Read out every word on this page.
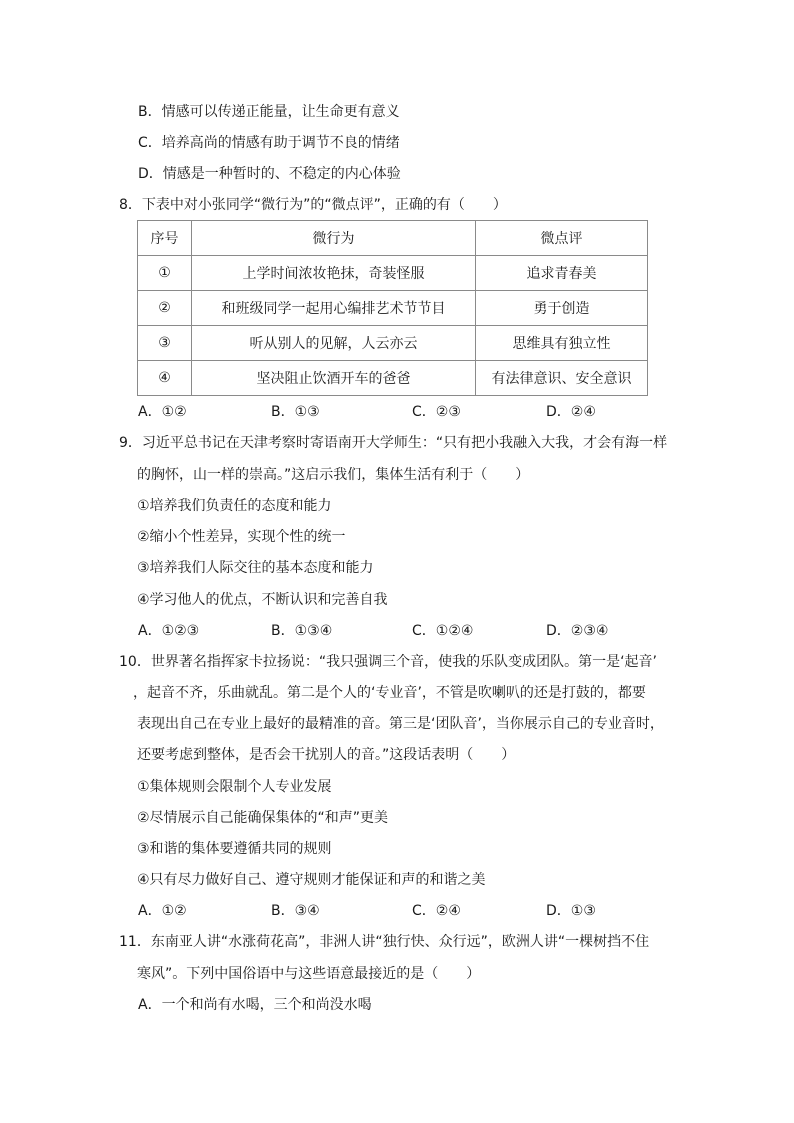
B．情感可以传递正能量，让生命更有意义
C．培养高尚的情感有助于调节不良的情绪
D．情感是一种暂时的、不稳定的内心体验
8．下表中对小张同学“微行为”的“微点评”，正确的有（　　）
序号	微行为	微点评
①	上学时间浓妆艳抹，奇装怪服	追求青春美
②	和班级同学一起用心编排艺术节节目	勇于创造
③	听从别人的见解，人云亦云	思维具有独立性
④	坚决阻止饮酒开车的爸爸	有法律意识、安全意识
A．①②	B．①③	C．②③	D．②④
9．习近平总书记在天津考察时寄语南开大学师生：“只有把小我融入大我，才会有海一样
的胸怀，山一样的崇高。”这启示我们，集体生活有利于（　　）
①培养我们负责任的态度和能力
②缩小个性差异，实现个性的统一
③培养我们人际交往的基本态度和能力
④学习他人的优点，不断认识和完善自我
A．①②③	B．①③④	C．①②④	D．②③④
10．世界著名指挥家卡拉扬说：“我只强调三个音，使我的乐队变成团队。第一是‘起音’
，起音不齐，乐曲就乱。第二是个人的‘专业音’，不管是吹喇叭的还是打鼓的，都要
表现出自己在专业上最好的最精准的音。第三是‘团队音’，当你展示自己的专业音时，
还要考虑到整体，是否会干扰别人的音。”这段话表明（　　）
①集体规则会限制个人专业发展
②尽情展示自己能确保集体的“和声”更美
③和谐的集体要遵循共同的规则
④只有尽力做好自己、遵守规则才能保证和声的和谐之美
A．①②	B．③④	C．②④	D．①③
11．东南亚人讲“水涨荷花高”，非洲人讲“独行快、众行远”，欧洲人讲“一棵树挡不住
寒风”。下列中国俗语中与这些语意最接近的是（　　）
A．一个和尚有水喝，三个和尚没水喝
